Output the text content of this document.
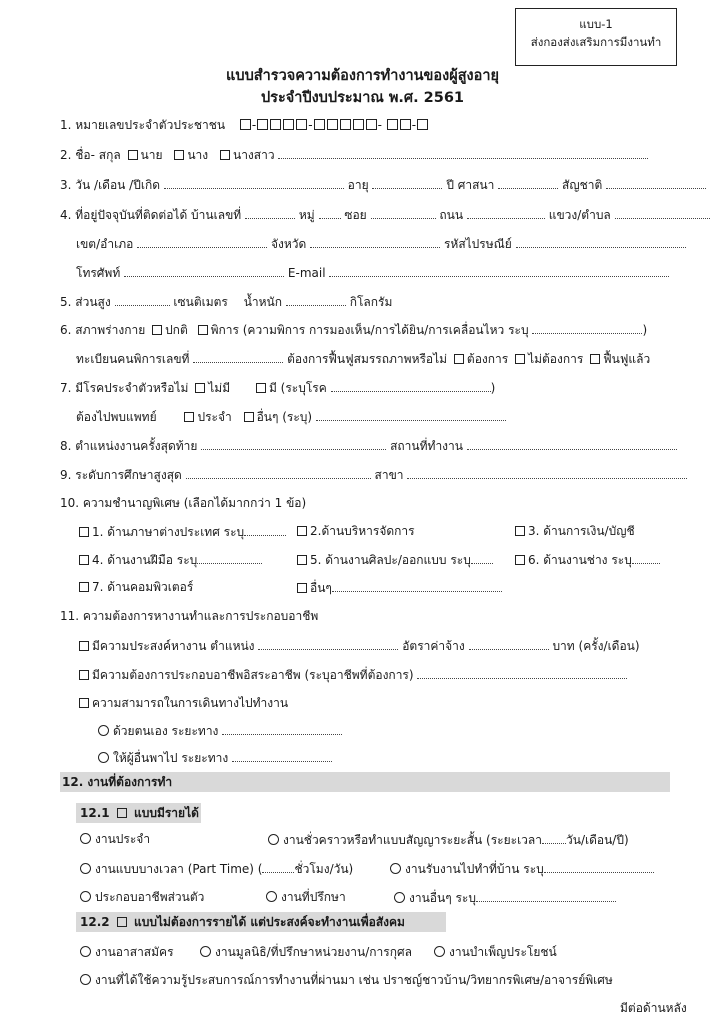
แบบ-1
ส่งกองส่งเสริมการมีงานทำ
แบบสำรวจความต้องการทำงานของผู้สูงอายุ
ประจำปีงบประมาณ พ.ศ. 2561
1. หมายเลขประจำตัวประชาชน -	-	- -
2. ชื่อ- สกุล นาย นาง นางสาว
3. วัน /เดือน /ปีเกิด	อายุ	ปี ศาสนา	สัญชาติ
4. ที่อยู่ปัจจุบันที่ติดต่อได้ บ้านเลขที่	หมู่ ซอย	ถนน	แขวง/ตำบล
เขต/อำเภอ	จังหวัด	รหัสไปรษณีย์
โทรศัพท์	E-mail
5. ส่วนสูง	เซนติเมตร น้ำหนัก	กิโลกรัม
6. สภาพร่างกาย ปกติ พิการ (ความพิการ การมองเห็น/การได้ยิน/การเคลื่อนไหว ระบุ	)
ทะเบียนคนพิการเลขที่	ต้องการฟื้นฟูสมรรถภาพหรือไม่ ต้องการ ไม่ต้องการ ฟื้นฟูแล้ว
7. มีโรคประจำตัวหรือไม่ ไม่มี	มี (ระบุโรค	)
ต้องไปพบแพทย์	ประจำ อื่นๆ (ระบุ)
8. ตำแหน่งงานครั้งสุดท้าย	สถานที่ทำงาน
9. ระดับการศึกษาสูงสุด	สาขา
10. ความชำนาญพิเศษ (เลือกได้มากกว่า 1 ข้อ)
1. ด้านภาษาต่างประเทศ ระบุ	2.ด้านบริหารจัดการ	3. ด้านการเงิน/บัญชี
4. ด้านงานฝีมือ ระบุ	5. ด้านงานศิลปะ/ออกแบบ ระบุ	6. ด้านงานช่าง ระบุ
7. ด้านคอมพิวเตอร์	อื่นๆ
11. ความต้องการหางานทำและการประกอบอาชีพ
มีความประสงค์หางาน ตำแหน่ง	อัตราค่าจ้าง	บาท (ครั้ง/เดือน)
มีความต้องการประกอบอาชีพอิสระอาชีพ (ระบุอาชีพที่ต้องการ)
ความสามารถในการเดินทางไปทำงาน
ด้วยตนเอง ระยะทาง
ให้ผู้อื่นพาไป ระยะทาง
12. งานที่ต้องการทำ
12.1 แบบมีรายได้
งานประจำ	งานชั่วคราวหรือทำแบบสัญญาระยะสั้น (ระยะเวลา วัน/เดือน/ปี)
งานแบบบางเวลา (Part Time) (	ชั่วโมง/วัน)	งานรับงานไปทำที่บ้าน ระบุ
ประกอบอาชีพส่วนตัว	งานที่ปรึกษา	งานอื่นๆ ระบุ
12.2 แบบไม่ต้องการรายได้ แต่ประสงค์จะทำงานเพื่อสังคม
งานอาสาสมัคร	งานมูลนิธิ/ที่ปรึกษาหน่วยงาน/การกุศล	งานบำเพ็ญประโยชน์
งานที่ได้ใช้ความรู้ประสบการณ์การทำงานที่ผ่านมา เช่น ปราชญ์ชาวบ้าน/วิทยากรพิเศษ/อาจารย์พิเศษ
มีต่อด้านหลัง
